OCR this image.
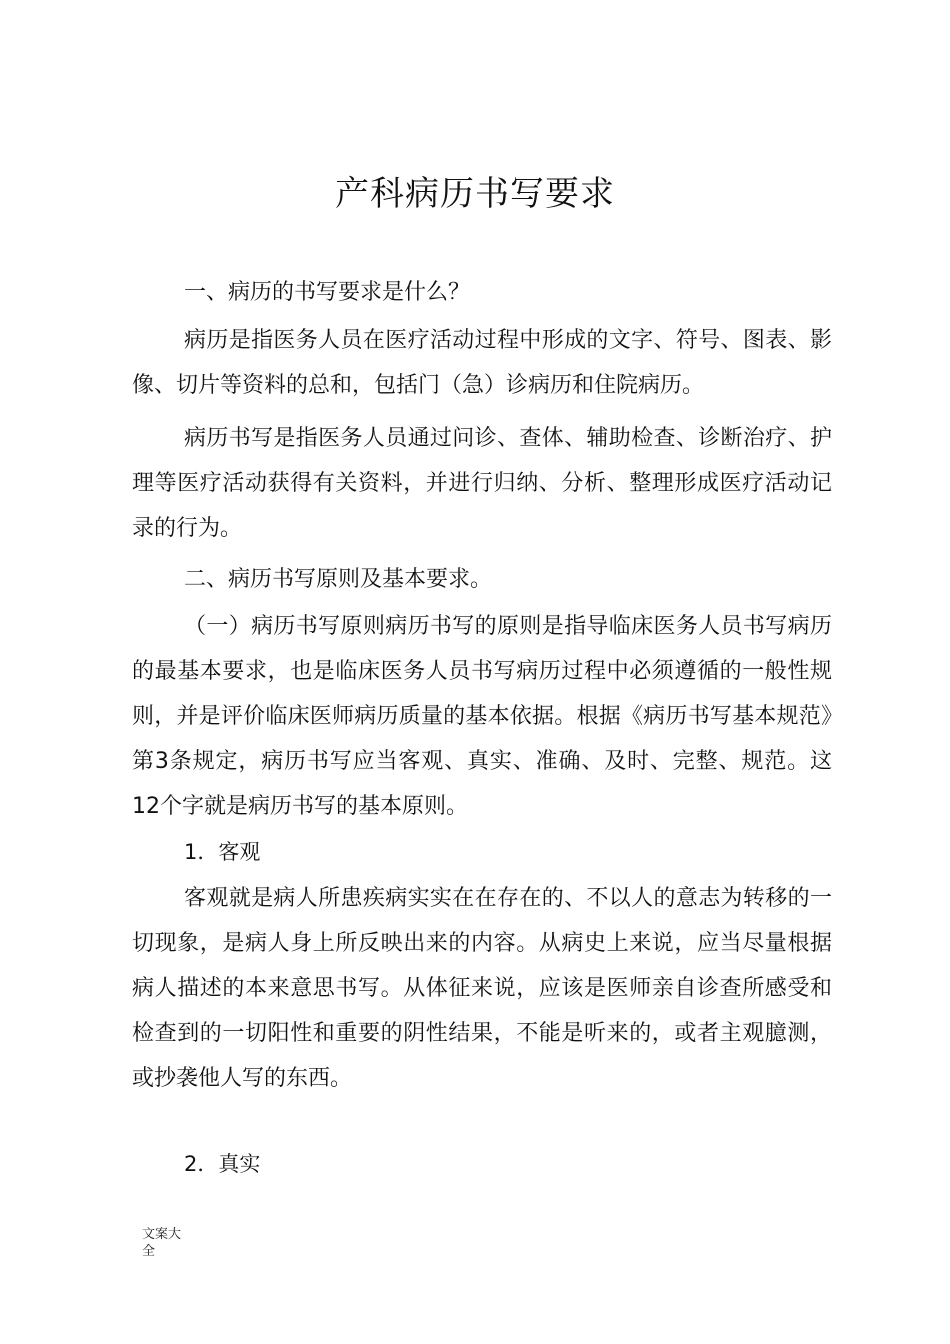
产科病历书写要求
一、病历的书写要求是什么？

病历是指医务人员在医疗活动过程中形成的文字、符号、图表、影像、切片等资料的总和，包括门（急）诊病历和住院病历。

病历书写是指医务人员通过问诊、查体、辅助检查、诊断治疗、护理等医疗活动获得有关资料，并进行归纳、分析、整理形成医疗活动记录的行为。

二、病历书写原则及基本要求。

（一）病历书写原则病历书写的原则是指导临床医务人员书写病历的最基本要求，也是临床医务人员书写病历过程中必须遵循的一般性规则，并是评价临床医师病历质量的基本依据。根据《病历书写基本规范》第3条规定，病历书写应当客观、真实、准确、及时、完整、规范。这12个字就是病历书写的基本原则。

1．客观

客观就是病人所患疾病实实在在存在的、不以人的意志为转移的一切现象，是病人身上所反映出来的内容。从病史上来说，应当尽量根据病人描述的本来意思书写。从体征来说，应该是医师亲自诊查所感受和检查到的一切阳性和重要的阴性结果，不能是听来的，或者主观臆测，或抄袭他人写的东西。

2．真实
文案大全
